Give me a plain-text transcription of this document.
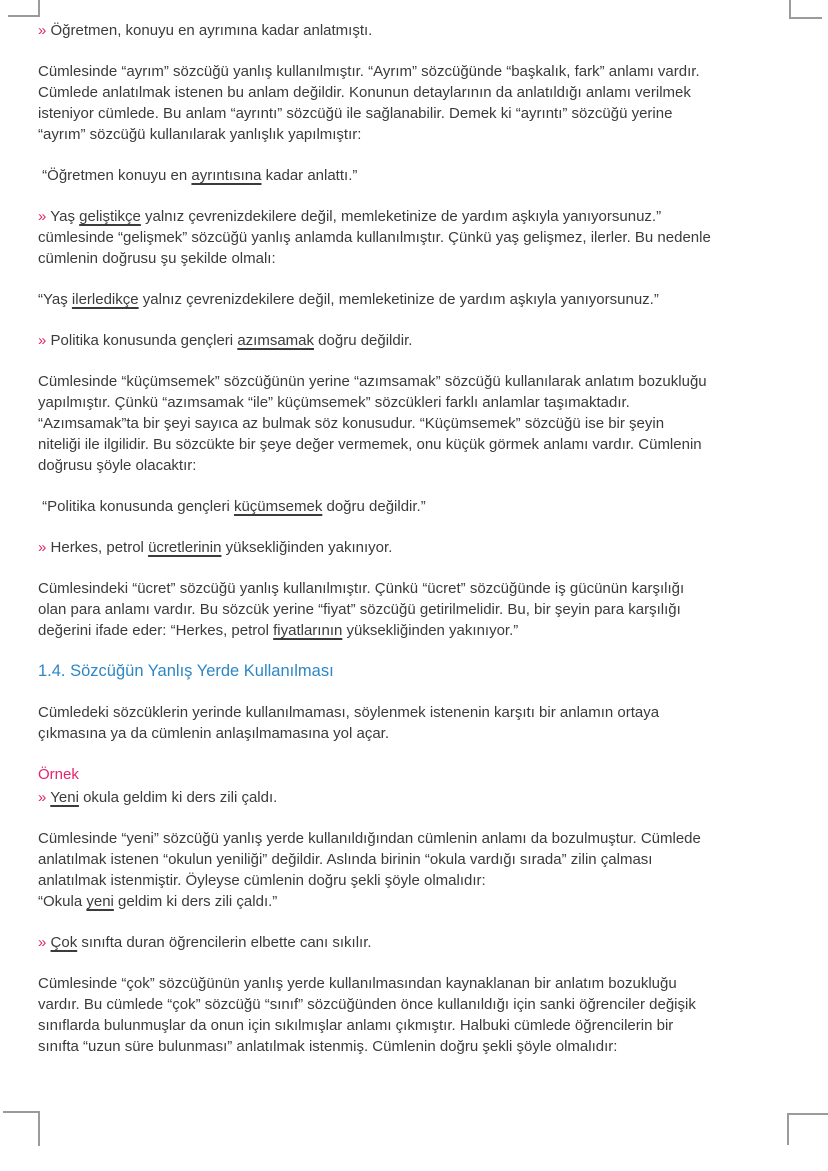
» Öğretmen, konuyu en ayrımına kadar anlatmıştı.
Cümlesinde “ayrım” sözcüğü yanlış kullanılmıştır. “Ayrım” sözcüğünde “başkalık, fark” anlamı vardır.
Cümlede anlatılmak istenen bu anlam değildir. Konunun detaylarının da anlatıldığı anlamı verilmek
isteniyor cümlede. Bu anlam “ayrıntı” sözcüğü ile sağlanabilir. Demek ki “ayrıntı” sözcüğü yerine
“ayrım” sözcüğü kullanılarak yanlışlık yapılmıştır:
“Öğretmen konuyu en ayrıntısına kadar anlattı.”
» Yaş geliştikçe yalnız çevrenizdekilere değil, memleketinize de yardım aşkıyla yanıyorsunuz.”
cümlesinde “gelişmek” sözcüğü yanlış anlamda kullanılmıştır. Çünkü yaş gelişmez, ilerler. Bu nedenle
cümlenin doğrusu şu şekilde olmalı:
“Yaş ilerledikçe yalnız çevrenizdekilere değil, memleketinize de yardım aşkıyla yanıyorsunuz.”
» Politika konusunda gençleri azımsamak doğru değildir.
Cümlesinde “küçümsemek” sözcüğünün yerine “azımsamak” sözcüğü kullanılarak anlatım bozukluğu
yapılmıştır. Çünkü “azımsamak “ile” küçümsemek” sözcükleri farklı anlamlar taşımaktadır.
“Azımsamak”ta bir şeyi sayıca az bulmak söz konusudur. “Küçümsemek” sözcüğü ise bir şeyin
niteliği ile ilgilidir. Bu sözcükte bir şeye değer vermemek, onu küçük görmek anlamı vardır. Cümlenin
doğrusu şöyle olacaktır:
“Politika konusunda gençleri küçümsemek doğru değildir.”
» Herkes, petrol ücretlerinin yüksekliğinden yakınıyor.
Cümlesindeki “ücret” sözcüğü yanlış kullanılmıştır. Çünkü “ücret” sözcüğünde iş gücünün karşılığı
olan para anlamı vardır. Bu sözcük yerine “fiyat” sözcüğü getirilmelidir. Bu, bir şeyin para karşılığı
değerini ifade eder: “Herkes, petrol fiyatlarının yüksekliğinden yakınıyor.”
1.4. Sözcüğün Yanlış Yerde Kullanılması
Cümledeki sözcüklerin yerinde kullanılmaması, söylenmek istenenin karşıtı bir anlamın ortaya
çıkmasına ya da cümlenin anlaşılmamasına yol açar.
Örnek
» Yeni okula geldim ki ders zili çaldı.
Cümlesinde “yeni” sözcüğü yanlış yerde kullanıldığından cümlenin anlamı da bozulmuştur. Cümlede
anlatılmak istenen “okulun yeniliği” değildir. Aslında birinin “okula vardığı sırada” zilin çalması
anlatılmak istenmiştir. Öyleyse cümlenin doğru şekli şöyle olmalıdır:
“Okula yeni geldim ki ders zili çaldı.”
» Çok sınıfta duran öğrencilerin elbette canı sıkılır.
Cümlesinde “çok” sözcüğünün yanlış yerde kullanılmasından kaynaklanan bir anlatım bozukluğu
vardır. Bu cümlede “çok” sözcüğü “sınıf” sözcüğünden önce kullanıldığı için sanki öğrenciler değişik
sınıflarda bulunmuşlar da onun için sıkılmışlar anlamı çıkmıştır. Halbuki cümlede öğrencilerin bir
sınıfta “uzun süre bulunması” anlatılmak istenmiş. Cümlenin doğru şekli şöyle olmalıdır:
